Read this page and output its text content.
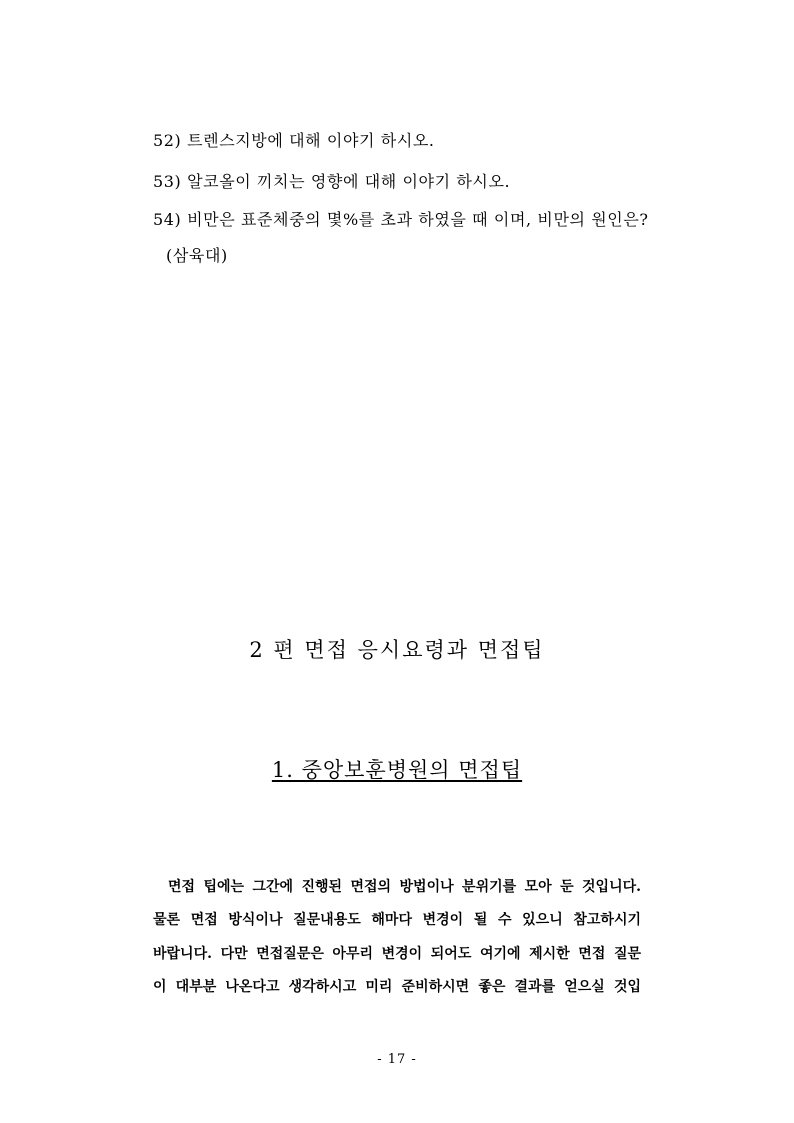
52) 트렌스지방에 대해 이야기 하시오.
53) 알코올이 끼치는 영향에 대해 이야기 하시오.
54) 비만은 표준체중의 몇%를 초과 하였을 때 이며, 비만의 원인은?
(삼육대)
2 편 면접 응시요령과 면접팁
1. 중앙보훈병원의 면접팁
면접 팁에는 그간에 진행된 면접의 방법이나 분위기를 모아 둔 것입니다.
물론 면접 방식이나 질문내용도 해마다 변경이 될 수 있으니 참고하시기
바랍니다. 다만 면접질문은 아무리 변경이 되어도 여기에 제시한 면접 질문
이 대부분 나온다고 생각하시고 미리 준비하시면 좋은 결과를 얻으실 것입
- 17 -
